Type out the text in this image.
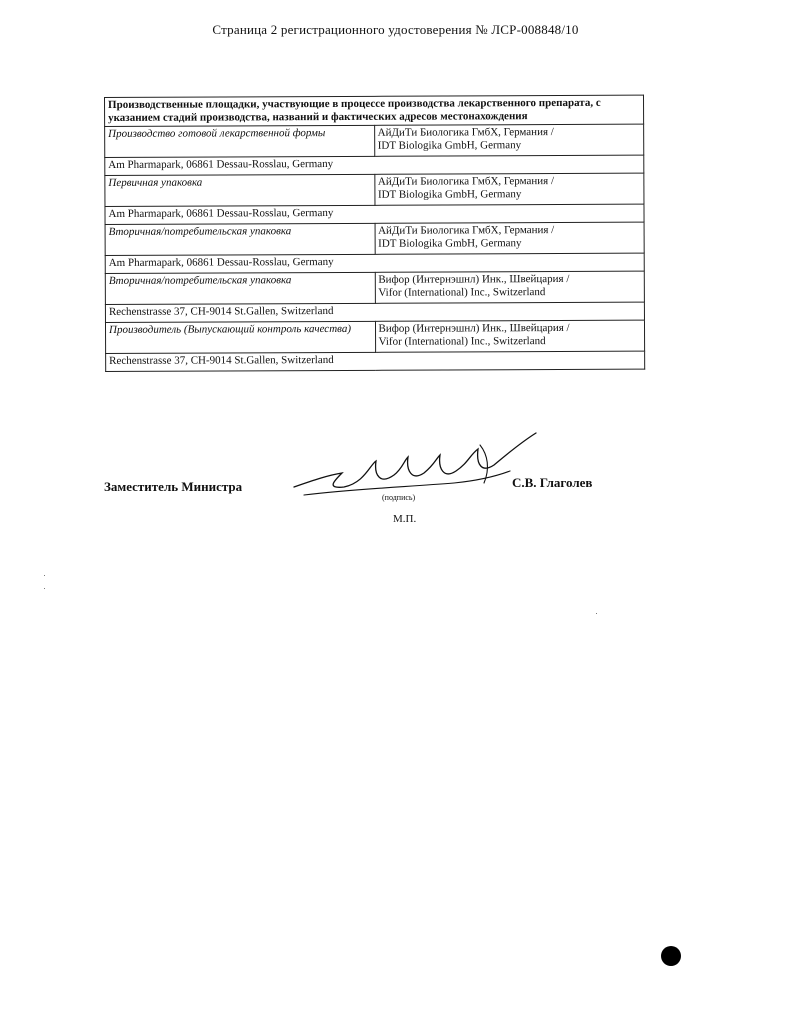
Страница 2 регистрационного удостоверения № ЛСР-008848/10
Производственные площадки, участвующие в процессе производства лекарственного препарата, с указанием стадий производства, названий и фактических адресов местонахождения	
Производство готовой лекарственной формы	АйДиТи Биологика ГмбХ, Германия /
IDT Biologika GmbH, Germany

Am Pharmapark, 06861 Dessau-Rosslau, Germany	
Первичная упаковка	АйДиТи Биологика ГмбХ, Германия /
IDT Biologika GmbH, Germany

Am Pharmapark, 06861 Dessau-Rosslau, Germany	
Вторичная/потребительская упаковка	АйДиТи Биологика ГмбХ, Германия /
IDT Biologika GmbH, Germany

Am Pharmapark, 06861 Dessau-Rosslau, Germany	
Вторичная/потребительская упаковка	Вифор (Интернэшнл) Инк., Швейцария /
Vifor (International) Inc., Switzerland

Rechenstrasse 37, CH-9014 St.Gallen, Switzerland	
Производитель (Выпускающий контроль качества)	Вифор (Интернэшнл) Инк., Швейцария /
Vifor (International) Inc., Switzerland

Rechenstrasse 37, CH-9014 St.Gallen, Switzerland	
Заместитель Министра
(подпись)
С.В. Глаголев
М.П.
